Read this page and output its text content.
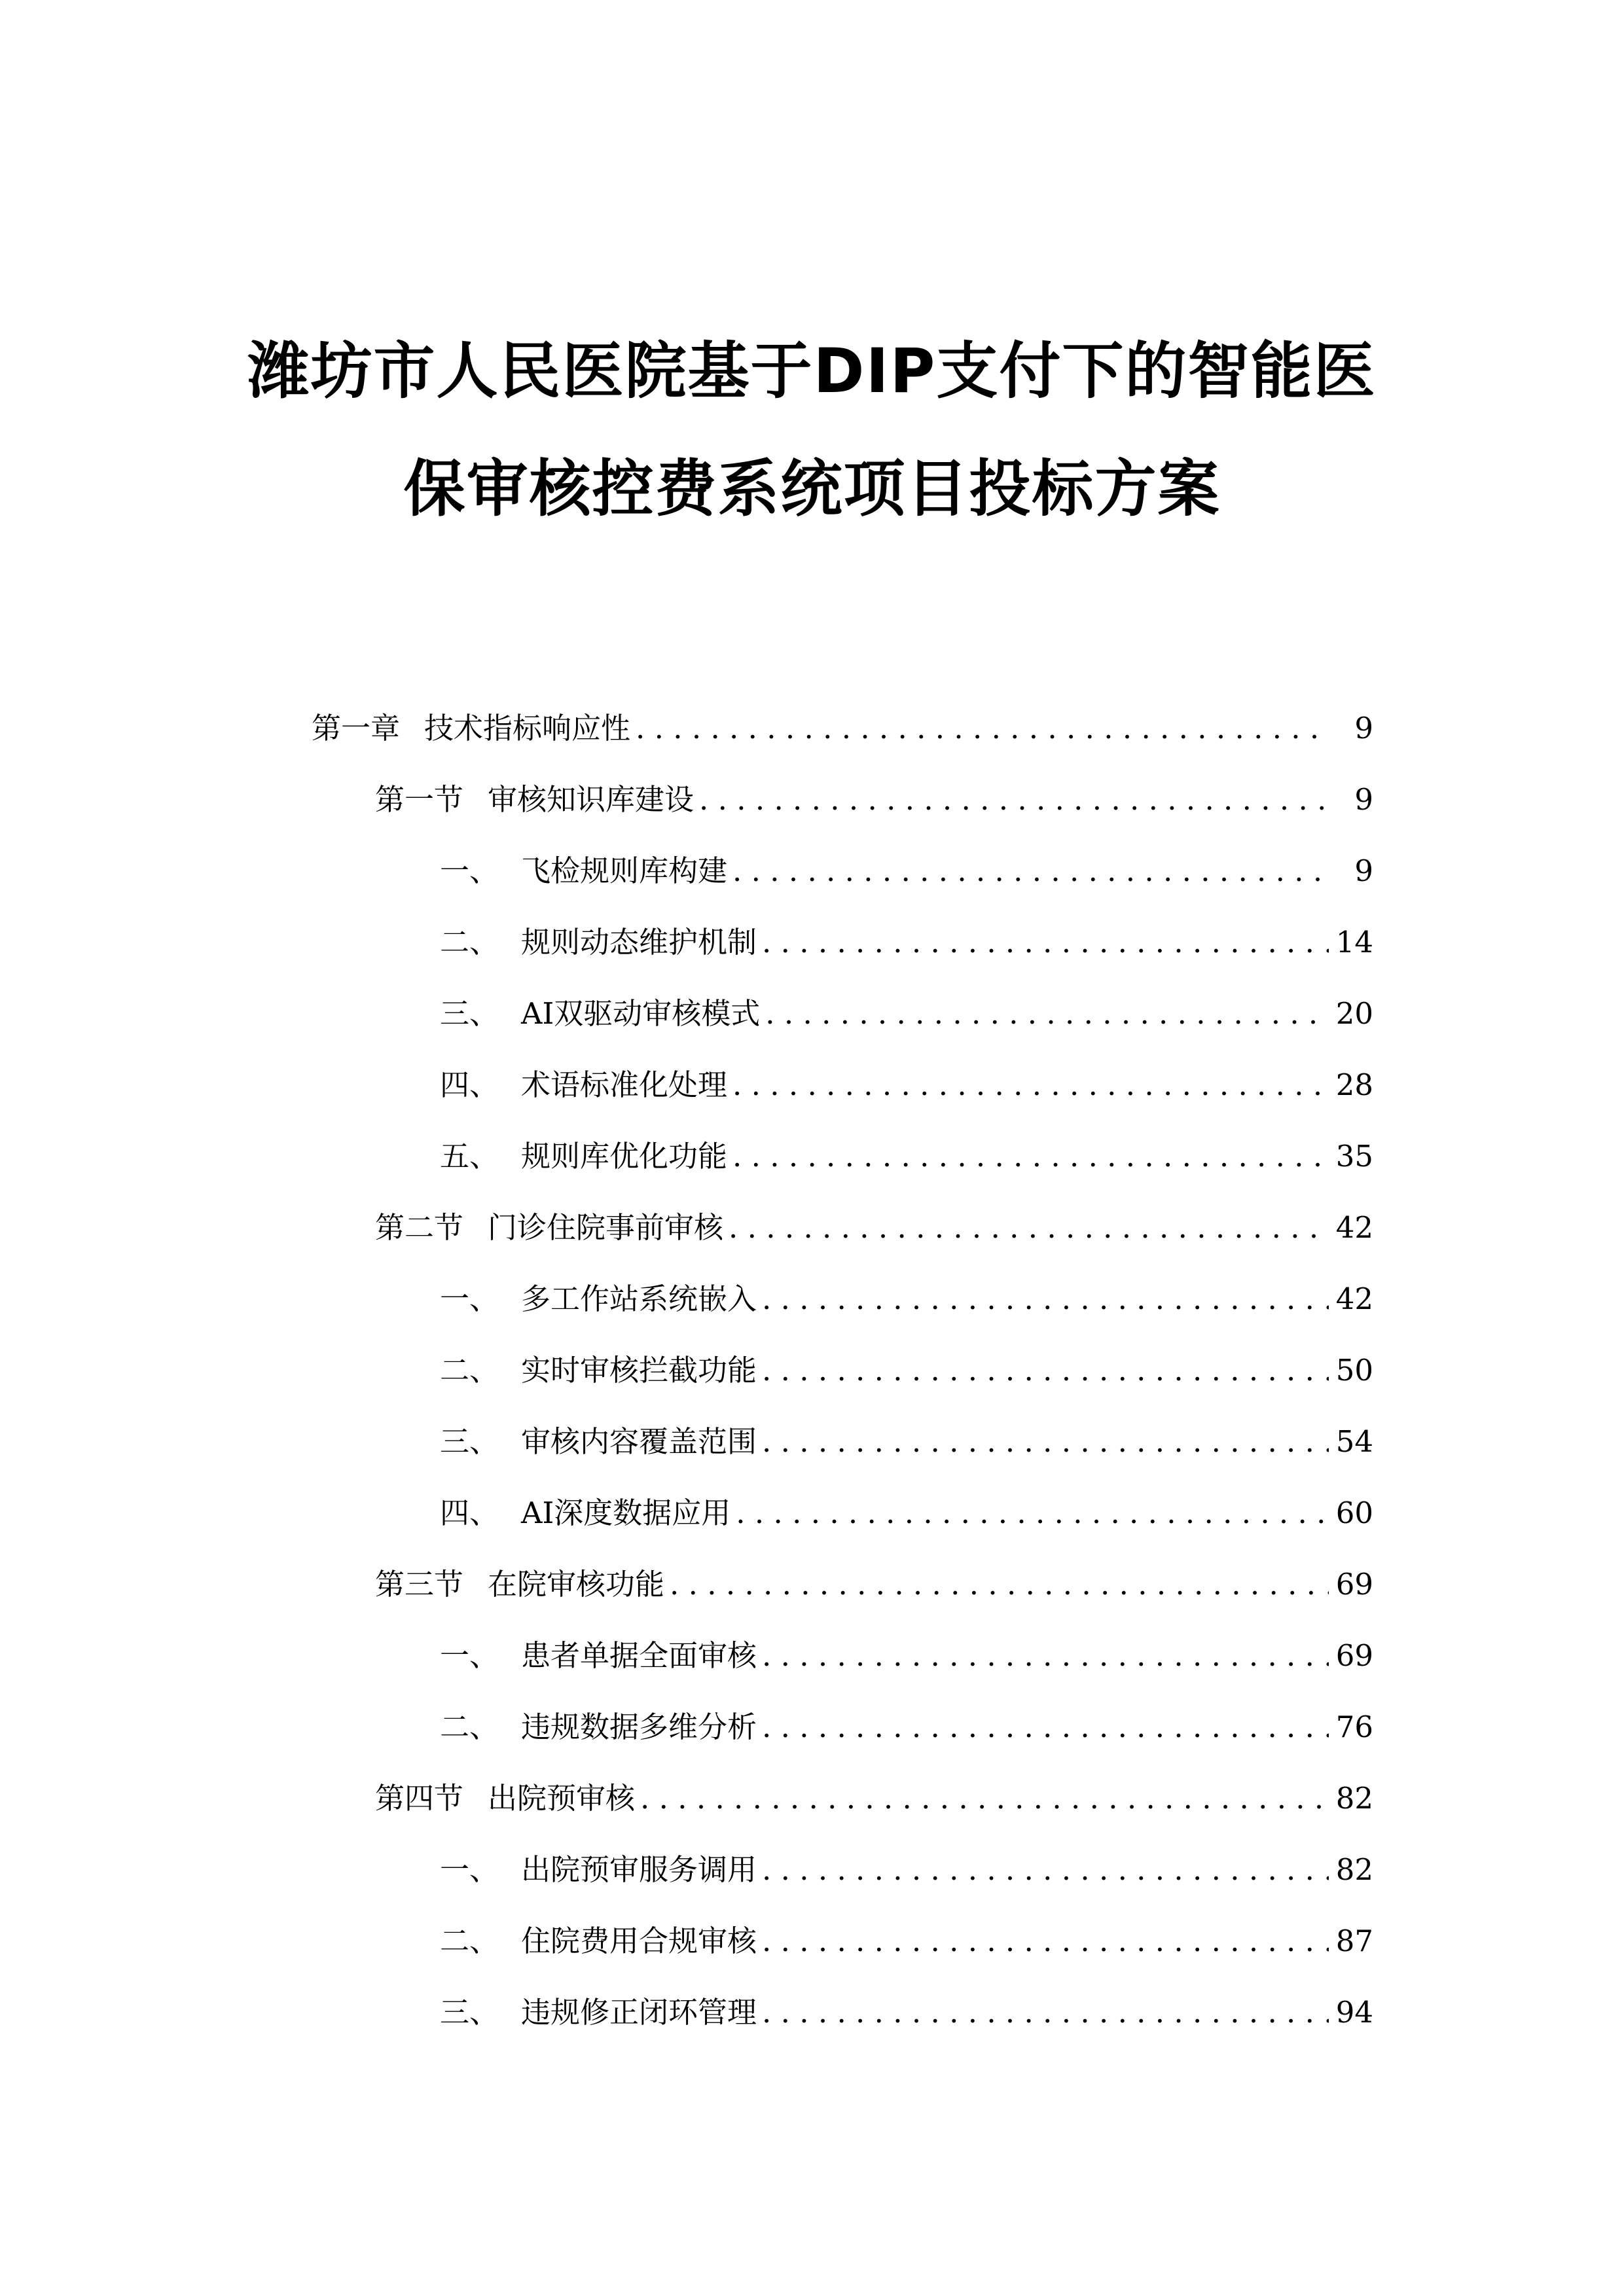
潍坊市人民医院基于DIP支付下的智能医
保审核控费系统项目投标方案
第一章 技术指标响应性 . . .	9
第一节 审核知识库建设 . . .	9
一、 飞检规则库构建 . . .	9
二、 规则动态维护机制 . . .	14
三、 AI双驱动审核模式 . . .	20
四、 术语标准化处理 . . .	28
五、 规则库优化功能 . . .	35
第二节 门诊住院事前审核 . . .	42
一、 多工作站系统嵌入 . . .	42
二、 实时审核拦截功能 . . .	50
三、 审核内容覆盖范围 . . .	54
四、 AI深度数据应用 . . .	60
第三节 在院审核功能 . . .	69
一、 患者单据全面审核 . . .	69
二、 违规数据多维分析 . . .	76
第四节 出院预审核 . . .	82
一、 出院预审服务调用 . . .	82
二、 住院费用合规审核 . . .	87
三、 违规修正闭环管理 . . .	94
